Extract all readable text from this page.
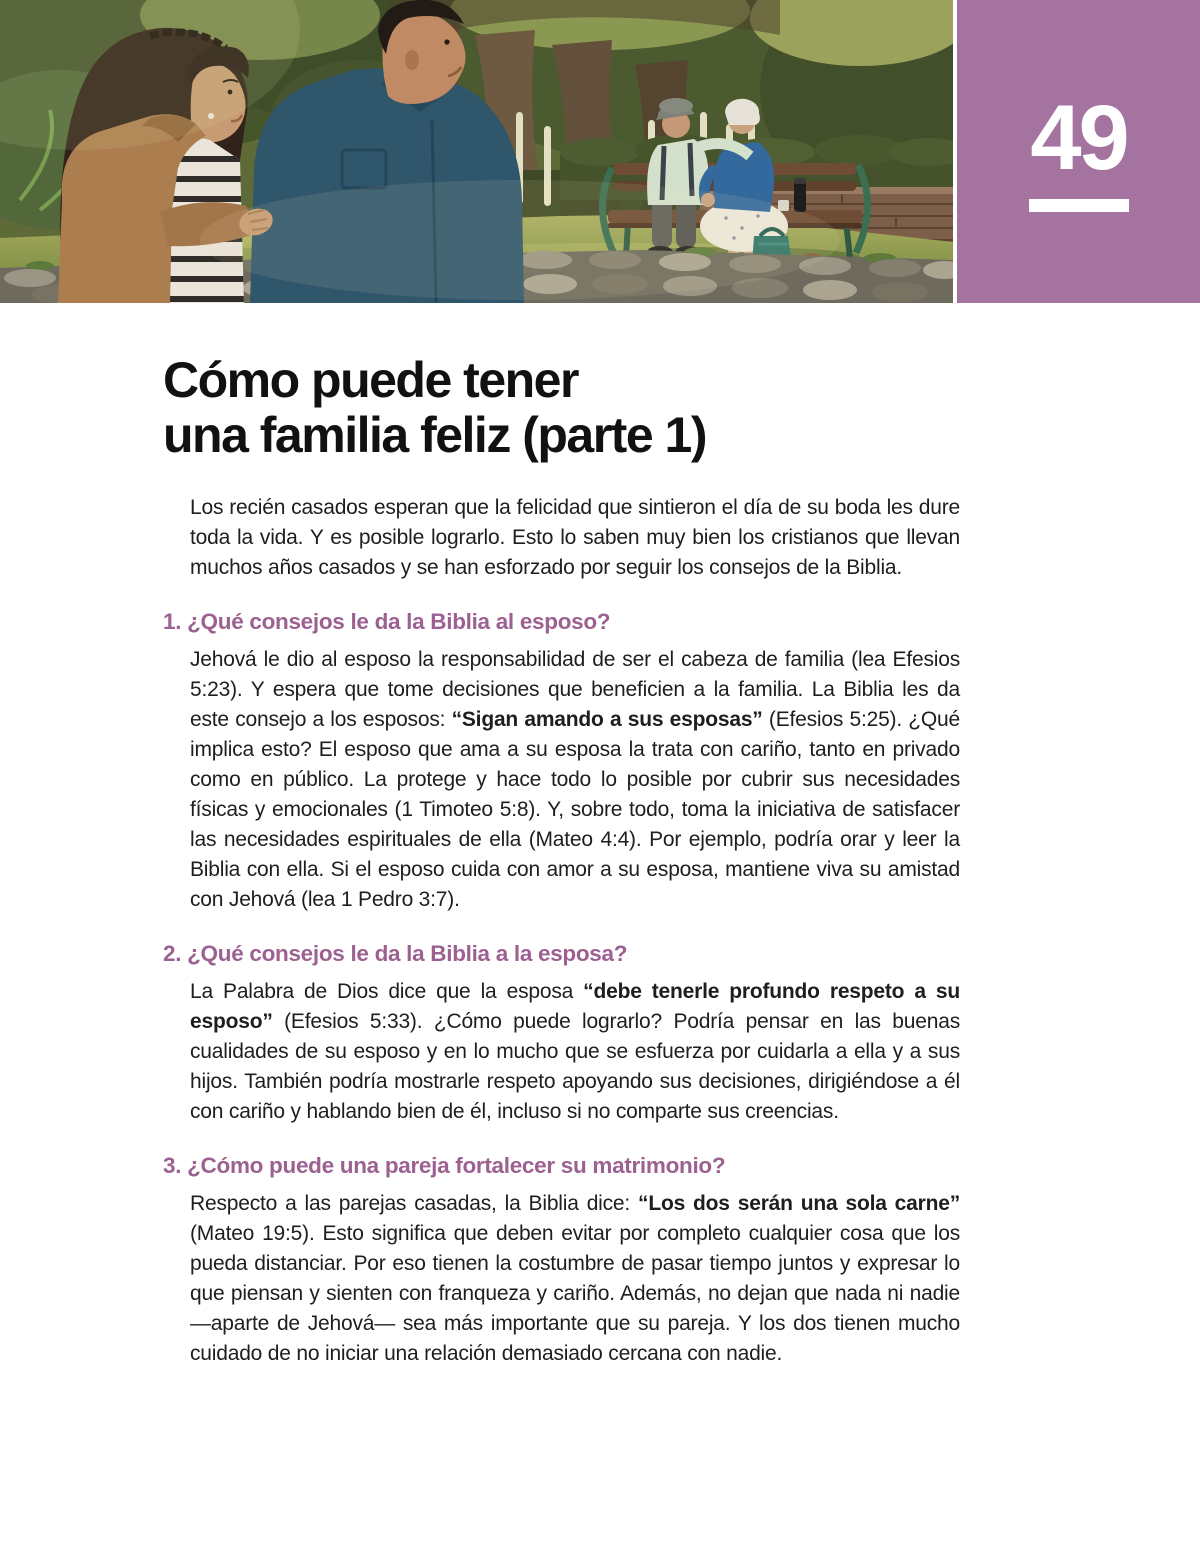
49
Cómo puede tener
una familia feliz (parte 1)

Los recién casados esperan que la felicidad que sintieron el día de su boda les dure toda la vida. Y es posible lograrlo. Esto lo saben muy bien los cristianos que llevan muchos años casados y se han esforzado por seguir los consejos de la Biblia.

1. ¿Qué consejos le da la Biblia al esposo?

Jehová le dio al esposo la responsabilidad de ser el cabeza de familia (lea Efesios 5:23). Y espera que tome decisiones que beneficien a la familia. La Biblia les da este consejo a los esposos: “Sigan amando a sus esposas” (Efesios 5:25). ¿Qué implica esto? El esposo que ama a su esposa la trata con cariño, tanto en privado como en público. La protege y hace todo lo posible por cubrir sus necesidades físicas y emocionales (1 Timoteo 5:8). Y, sobre todo, toma la iniciativa de satisfacer las necesidades espirituales de ella (Mateo 4:4). Por ejemplo, podría orar y leer la Biblia con ella. Si el esposo cuida con amor a su esposa, mantiene viva su amistad con Jehová (lea 1 Pedro 3:7).

2. ¿Qué consejos le da la Biblia a la esposa?

La Palabra de Dios dice que la esposa “debe tenerle profundo respeto a su esposo” (Efesios 5:33). ¿Cómo puede lograrlo? Podría pensar en las buenas cualidades de su esposo y en lo mucho que se esfuerza por cuidarla a ella y a sus hijos. También podría mostrarle respeto apoyando sus decisiones, dirigiéndose a él con cariño y hablando bien de él, incluso si no comparte sus creencias.

3. ¿Cómo puede una pareja fortalecer su matrimonio?

Respecto a las parejas casadas, la Biblia dice: “Los dos serán una sola carne” (Mateo 19:5). Esto significa que deben evitar por completo cualquier cosa que los pueda distanciar. Por eso tienen la costumbre de pasar tiempo juntos y expresar lo que piensan y sienten con franqueza y cariño. Además, no dejan que nada ni nadie —aparte de Jehová— sea más importante que su pareja. Y los dos tienen mucho cuidado de no iniciar una relación demasiado cercana con nadie.
